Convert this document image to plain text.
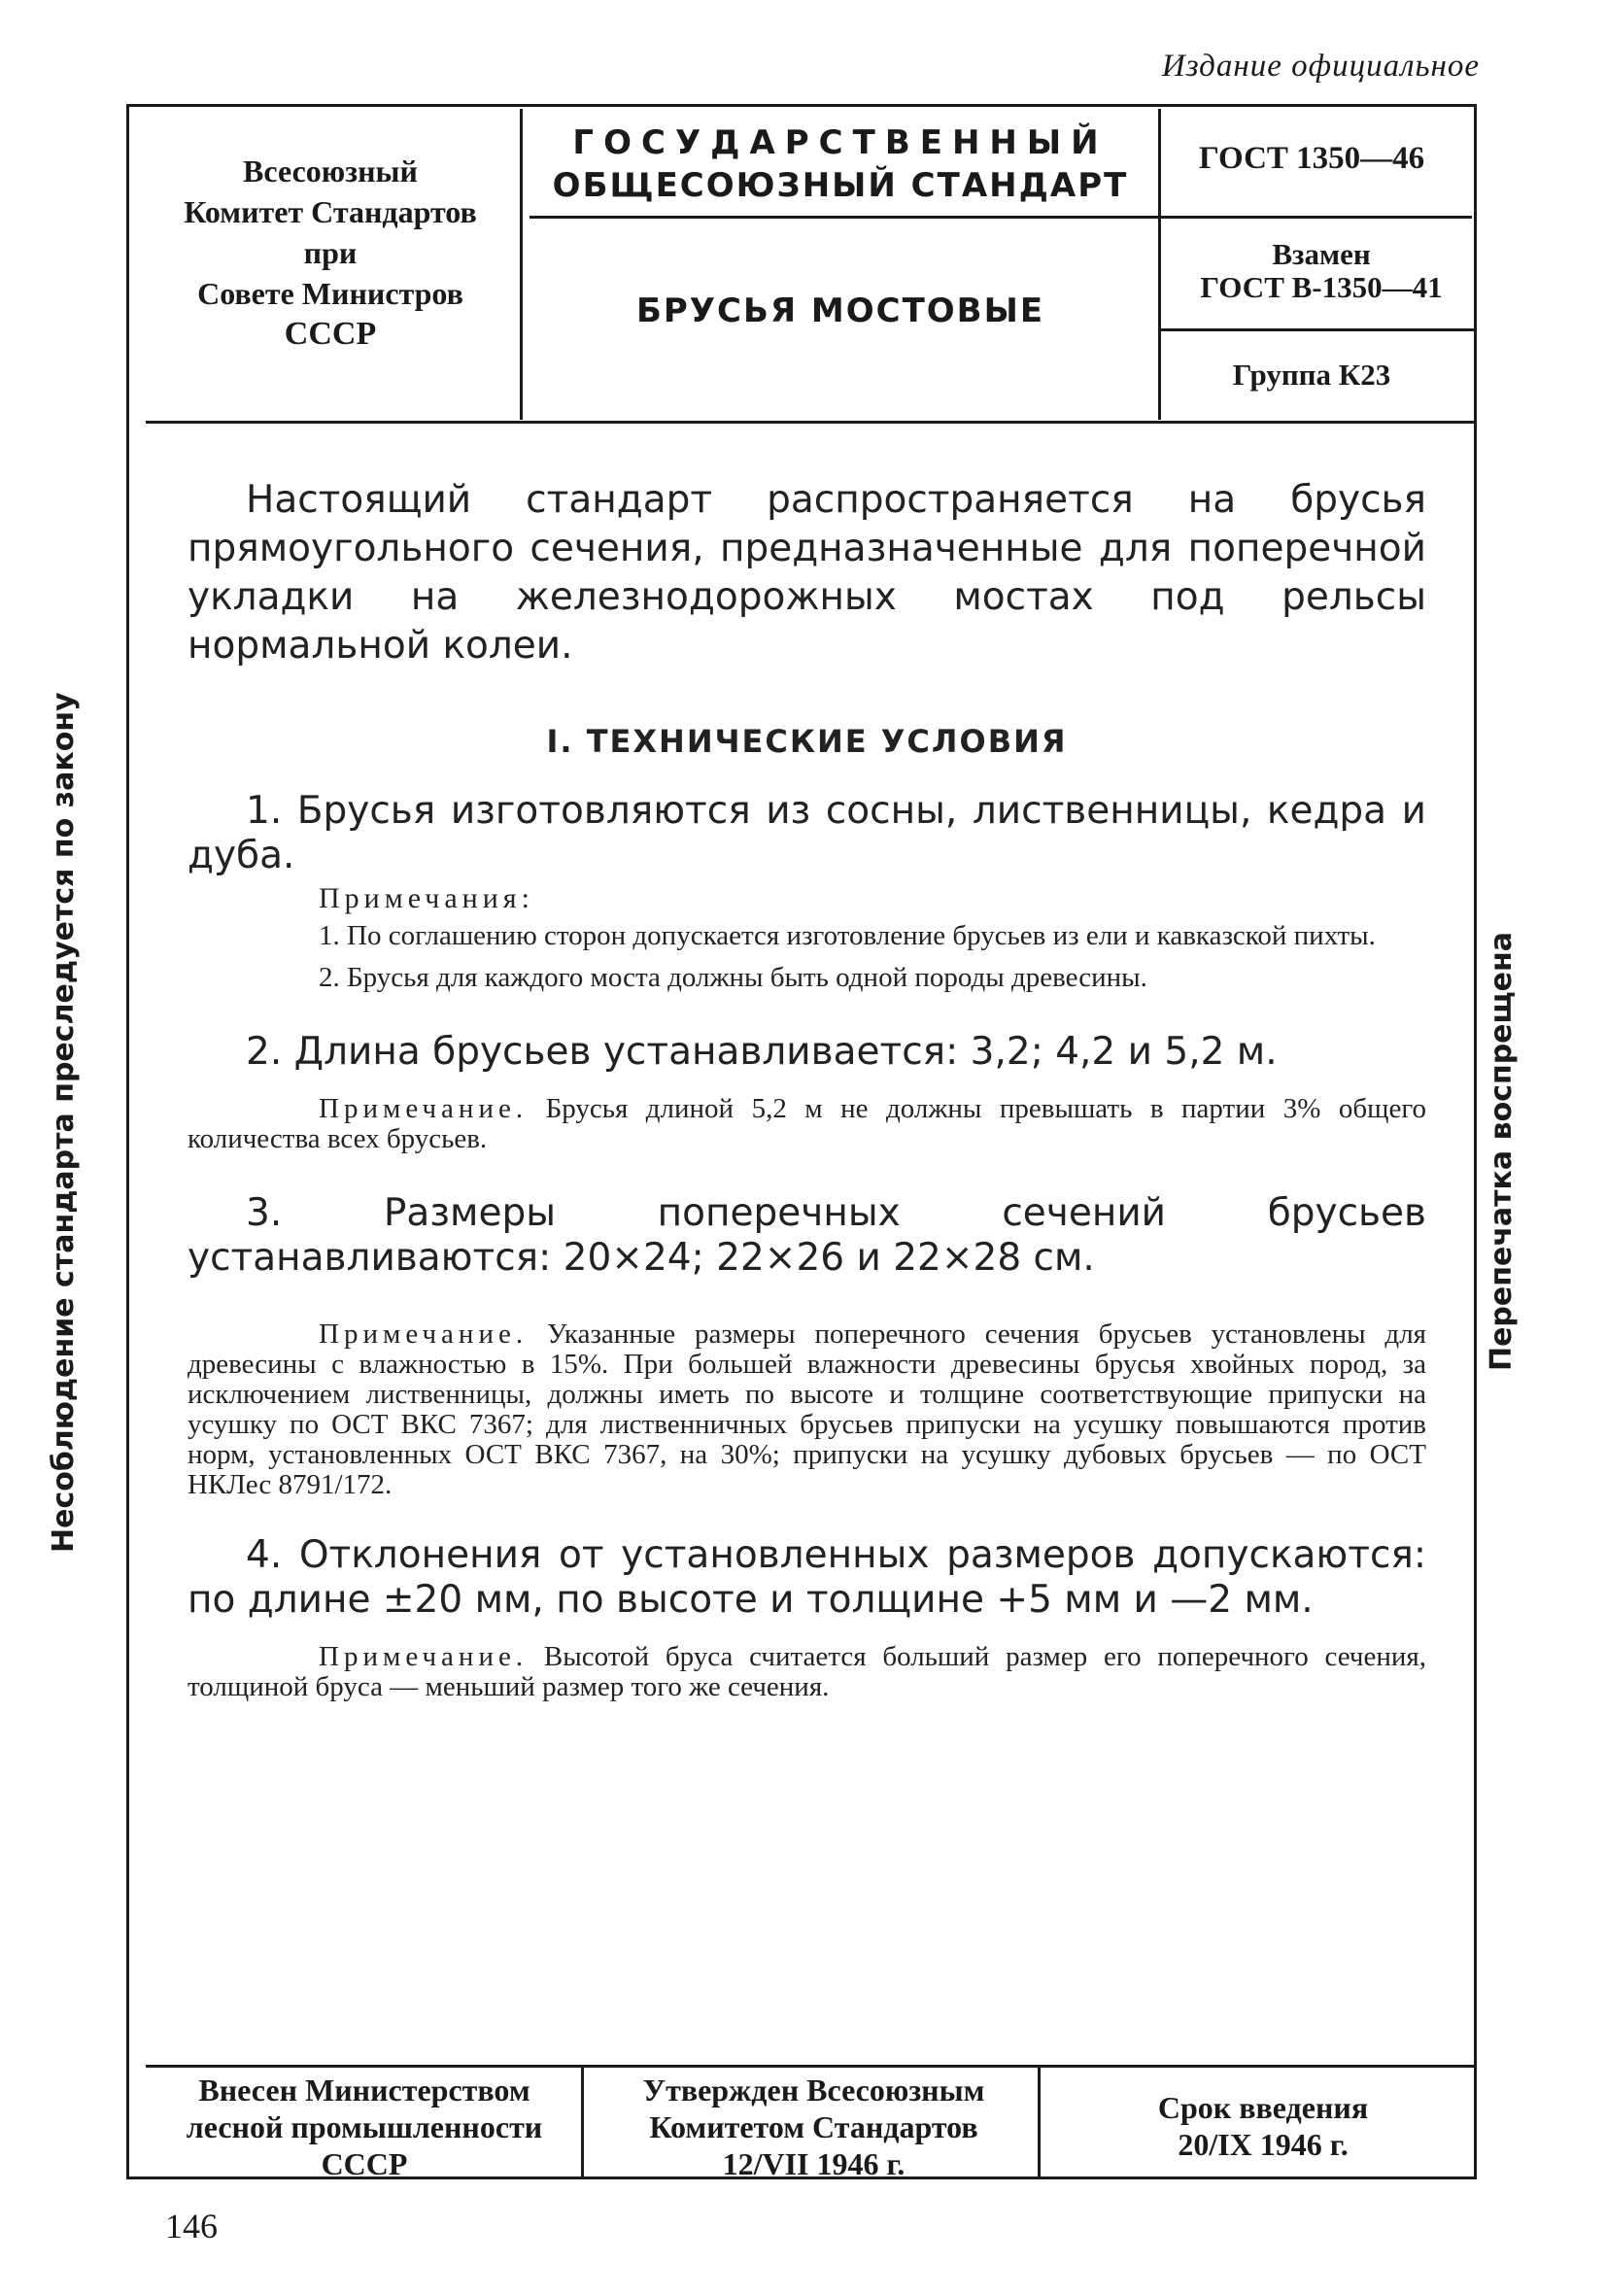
Издание официальное
Несоблюдение стандарта преследуется по закону	Перепечатка воспрещена
Всесоюзный
Комитет Стандартов
при
Совете Министров
СССР
ГОСУДАРСТВЕННЫЙ
ОБЩЕСОЮЗНЫЙ СТАНДАРТ
БРУСЬЯ МОСТОВЫЕ
ГОСТ 1350—46
Взамен
ГОСТ В-1350—41
Группа К23

Настоящий стандарт распространяется на брусья прямоугольного сечения, предназначенные для поперечной укладки на железнодорожных мостах под рельсы нормальной колеи.

I. ТЕХНИЧЕСКИЕ УСЛОВИЯ

1. Брусья изготовляются из сосны, лиственницы, кедра и дуба.

Примечания:

1. По соглашению сторон допускается изготовление брусьев из ели и кавказской пихты.

2. Брусья для каждого моста должны быть одной породы древесины.

2. Длина брусьев устанавливается: 3,2; 4,2 и 5,2 м.

Примечание. Брусья длиной 5,2 м не должны превышать в партии 3% общего количества всех брусьев.

3. Размеры поперечных сечений брусьев устанавливаются: 20×24; 22×26 и 22×28 см.

Примечание. Указанные размеры поперечного сечения брусьев установлены для древесины с влажностью в 15%. При большей влажности древесины брусья хвойных пород, за исключением лиственницы, должны иметь по высоте и толщине соответствующие припуски на усушку по ОСТ ВКС 7367; для лиственничных брусьев припуски на усушку повышаются против норм, установленных ОСТ ВКС 7367, на 30%; припуски на усушку дубовых брусьев — по ОСТ НКЛес 8791/172.

4. Отклонения от установленных размеров допускаются: по длине ±20 мм, по высоте и толщине +5 мм и —2 мм.

Примечание. Высотой бруса считается больший размер его поперечного сечения, толщиной бруса — меньший размер того же сечения.

Внесен Министерством
лесной промышленности
СССР
Утвержден Всесоюзным
Комитетом Стандартов
12/VII 1946 г.
Срок введения
20/IX 1946 г.
146
